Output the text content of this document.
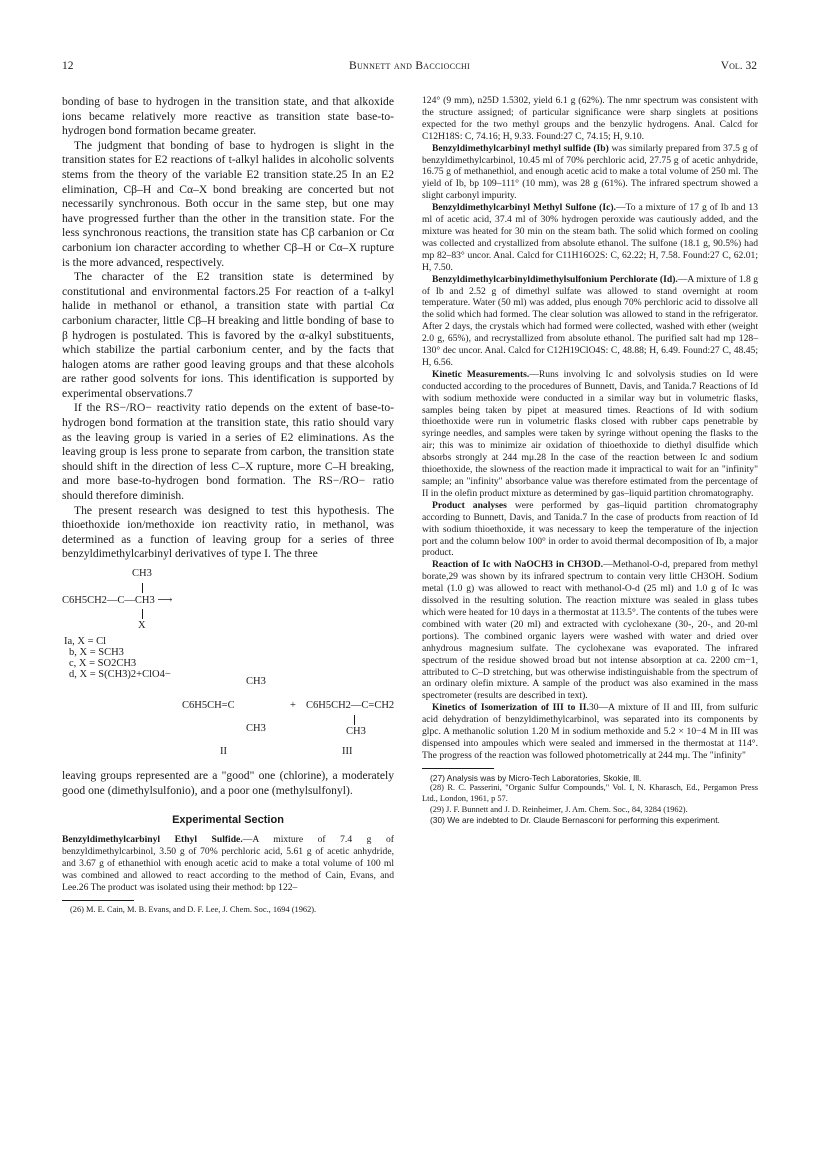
12	Bunnett and Bacciocchi	Vol. 32

bonding of base to hydrogen in the transition state, and that alkoxide ions became relatively more reactive as transition state base-to-hydrogen bond formation became greater.

The judgment that bonding of base to hydrogen is slight in the transition states for E2 reactions of t-alkyl halides in alcoholic solvents stems from the theory of the variable E2 transition state.25 In an E2 elimination, Cβ–H and Cα–X bond breaking are concerted but not necessarily synchronous. Both occur in the same step, but one may have progressed further than the other in the transition state. For the less synchronous reactions, the transition state has Cβ carbanion or Cα carbonium ion character according to whether Cβ–H or Cα–X rupture is the more advanced, respectively.

The character of the E2 transition state is determined by constitutional and environmental factors.25 For reaction of a t-alkyl halide in methanol or ethanol, a transition state with partial Cα carbonium character, little Cβ–H breaking and little bonding of base to β hydrogen is postulated. This is favored by the α-alkyl substituents, which stabilize the partial carbonium center, and by the facts that halogen atoms are rather good leaving groups and that these alcohols are rather good solvents for ions. This identification is supported by experimental observations.7

If the RS−/RO− reactivity ratio depends on the extent of base-to-hydrogen bond formation at the transition state, this ratio should vary as the leaving group is varied in a series of E2 eliminations. As the leaving group is less prone to separate from carbon, the transition state should shift in the direction of less C–X rupture, more C–H breaking, and more base-to-hydrogen bond formation. The RS−/RO− ratio should therefore diminish.

The present research was designed to test this hypothesis. The thioethoxide ion/methoxide ion reactivity ratio, in methanol, was determined as a function of leaving group for a series of three benzyldimethylcarbinyl derivatives of type I. The three

CH3
C6H5CH2—C—CH3 ⟶
X
Ia, X = Cl
b, X = SCH3
c, X = SO2CH3
d, X = S(CH3)2+ClO4−
CH3
C6H5CH=C
CH3
+ C6H5CH2—C=CH2
CH3
II	III

leaving groups represented are a "good" one (chlorine), a moderately good one (dimethylsulfonio), and a poor one (methylsulfonyl).

Experimental Section

Benzyldimethylcarbinyl Ethyl Sulfide.—A mixture of 7.4 g of benzyldimethylcarbinol, 3.50 g of 70% perchloric acid, 5.61 g of acetic anhydride, and 3.67 g of ethanethiol with enough acetic acid to make a total volume of 100 ml was combined and allowed to react according to the method of Cain, Evans, and Lee.26 The product was isolated using their method: bp 122–

(26) M. E. Cain, M. B. Evans, and D. F. Lee, J. Chem. Soc., 1694 (1962).

124° (9 mm), n25D 1.5302, yield 6.1 g (62%). The nmr spectrum was consistent with the structure assigned; of particular significance were sharp singlets at positions expected for the two methyl groups and the benzylic hydrogens. Anal. Calcd for C12H18S: C, 74.16; H, 9.33. Found:27 C, 74.15; H, 9.10.

Benzyldimethylcarbinyl methyl sulfide (Ib) was similarly prepared from 37.5 g of benzyldimethylcarbinol, 10.45 ml of 70% perchloric acid, 27.75 g of acetic anhydride, 16.75 g of methanethiol, and enough acetic acid to make a total volume of 250 ml. The yield of Ib, bp 109–111° (10 mm), was 28 g (61%). The infrared spectrum showed a slight carbonyl impurity.

Benzyldimethylcarbinyl Methyl Sulfone (Ic).—To a mixture of 17 g of Ib and 13 ml of acetic acid, 37.4 ml of 30% hydrogen peroxide was cautiously added, and the mixture was heated for 30 min on the steam bath. The solid which formed on cooling was collected and crystallized from absolute ethanol. The sulfone (18.1 g, 90.5%) had mp 82–83° uncor. Anal. Calcd for C11H16O2S: C, 62.22; H, 7.58. Found:27 C, 62.01; H, 7.50.

Benzyldimethylcarbinyldimethylsulfonium Perchlorate (Id).—A mixture of 1.8 g of Ib and 2.52 g of dimethyl sulfate was allowed to stand overnight at room temperature. Water (50 ml) was added, plus enough 70% perchloric acid to dissolve all the solid which had formed. The clear solution was allowed to stand in the refrigerator. After 2 days, the crystals which had formed were collected, washed with ether (weight 2.0 g, 65%), and recrystallized from absolute ethanol. The purified salt had mp 128–130° dec uncor. Anal. Calcd for C12H19ClO4S: C, 48.88; H, 6.49. Found:27 C, 48.45; H, 6.56.

Kinetic Measurements.—Runs involving Ic and solvolysis studies on Id were conducted according to the procedures of Bunnett, Davis, and Tanida.7 Reactions of Id with sodium methoxide were conducted in a similar way but in volumetric flasks, samples being taken by pipet at measured times. Reactions of Id with sodium thioethoxide were run in volumetric flasks closed with rubber caps penetrable by syringe needles, and samples were taken by syringe without opening the flasks to the air; this was to minimize air oxidation of thioethoxide to diethyl disulfide which absorbs strongly at 244 mμ.28 In the case of the reaction between Ic and sodium thioethoxide, the slowness of the reaction made it impractical to wait for an "infinity" sample; an "infinity" absorbance value was therefore estimated from the percentage of II in the olefin product mixture as determined by gas–liquid partition chromatography.

Product analyses were performed by gas–liquid partition chromatography according to Bunnett, Davis, and Tanida.7 In the case of products from reaction of Id with sodium thioethoxide, it was necessary to keep the temperature of the injection port and the column below 100° in order to avoid thermal decomposition of Ib, a major product.

Reaction of Ic with NaOCH3 in CH3OD.—Methanol-O-d, prepared from methyl borate,29 was shown by its infrared spectrum to contain very little CH3OH. Sodium metal (1.0 g) was allowed to react with methanol-O-d (25 ml) and 1.0 g of Ic was dissolved in the resulting solution. The reaction mixture was sealed in glass tubes which were heated for 10 days in a thermostat at 113.5°. The contents of the tubes were combined with water (20 ml) and extracted with cyclohexane (30-, 20-, and 20-ml portions). The combined organic layers were washed with water and dried over anhydrous magnesium sulfate. The cyclohexane was evaporated. The infrared spectrum of the residue showed broad but not intense absorption at ca. 2200 cm−1, attributed to C–D stretching, but was otherwise indistinguishable from the spectrum of an ordinary olefin mixture. A sample of the product was also examined in the mass spectrometer (results are described in text).

Kinetics of Isomerization of III to II.30—A mixture of II and III, from sulfuric acid dehydration of benzyldimethylcarbinol, was separated into its components by glpc. A methanolic solution 1.20 M in sodium methoxide and 5.2 × 10−4 M in III was dispensed into ampoules which were sealed and immersed in the thermostat at 114°. The progress of the reaction was followed photometrically at 244 mμ. The "infinity"

(27) Analysis was by Micro-Tech Laboratories, Skokie, Ill.

(28) R. C. Passerini, "Organic Sulfur Compounds," Vol. I, N. Kharasch, Ed., Pergamon Press Ltd., London, 1961, p 57.

(29) J. F. Bunnett and J. D. Reinheimer, J. Am. Chem. Soc., 84, 3284 (1962).

(30) We are indebted to Dr. Claude Bernasconi for performing this experiment.
